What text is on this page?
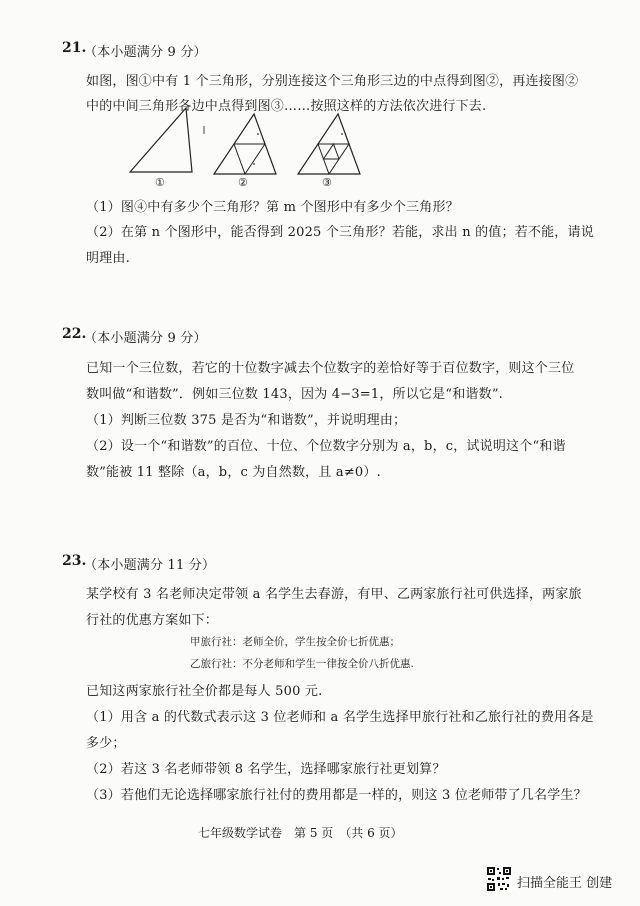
21.
（本小题满分 9 分）
如图，图①中有 1 个三角形，分别连接这个三角形三边的中点得到图②，再连接图②
中的中间三角形各边中点得到图③……按照这样的方法依次进行下去.
①	②	③
（1）图④中有多少个三角形？第 m 个图形中有多少个三角形？
（2）在第 n 个图形中，能否得到 2025 个三角形？若能，求出 n 的值；若不能，请说
明理由.
22.
（本小题满分 9 分）
已知一个三位数，若它的十位数字减去个位数字的差恰好等于百位数字，则这个三位
数叫做“和谐数”．例如三位数 143，因为 4−3=1，所以它是“和谐数”.
（1）判断三位数 375 是否为“和谐数”，并说明理由；
（2）设一个“和谐数”的百位、十位、个位数字分别为 a，b，c，试说明这个“和谐
数”能被 11 整除（a，b，c 为自然数，且 a≠0）.
23.
（本小题满分 11 分）
某学校有 3 名老师决定带领 a 名学生去春游，有甲、乙两家旅行社可供选择，两家旅
行社的优惠方案如下：
甲旅行社：老师全价，学生按全价七折优惠；
乙旅行社：不分老师和学生一律按全价八折优惠.
已知这两家旅行社全价都是每人 500 元.
（1）用含 a 的代数式表示这 3 位老师和 a 名学生选择甲旅行社和乙旅行社的费用各是
多少；
（2）若这 3 名老师带领 8 名学生，选择哪家旅行社更划算？
（3）若他们无论选择哪家旅行社付的费用都是一样的，则这 3 位老师带了几名学生？
七年级数学试卷　第 5 页　（共 6 页）
扫描全能王 创建
